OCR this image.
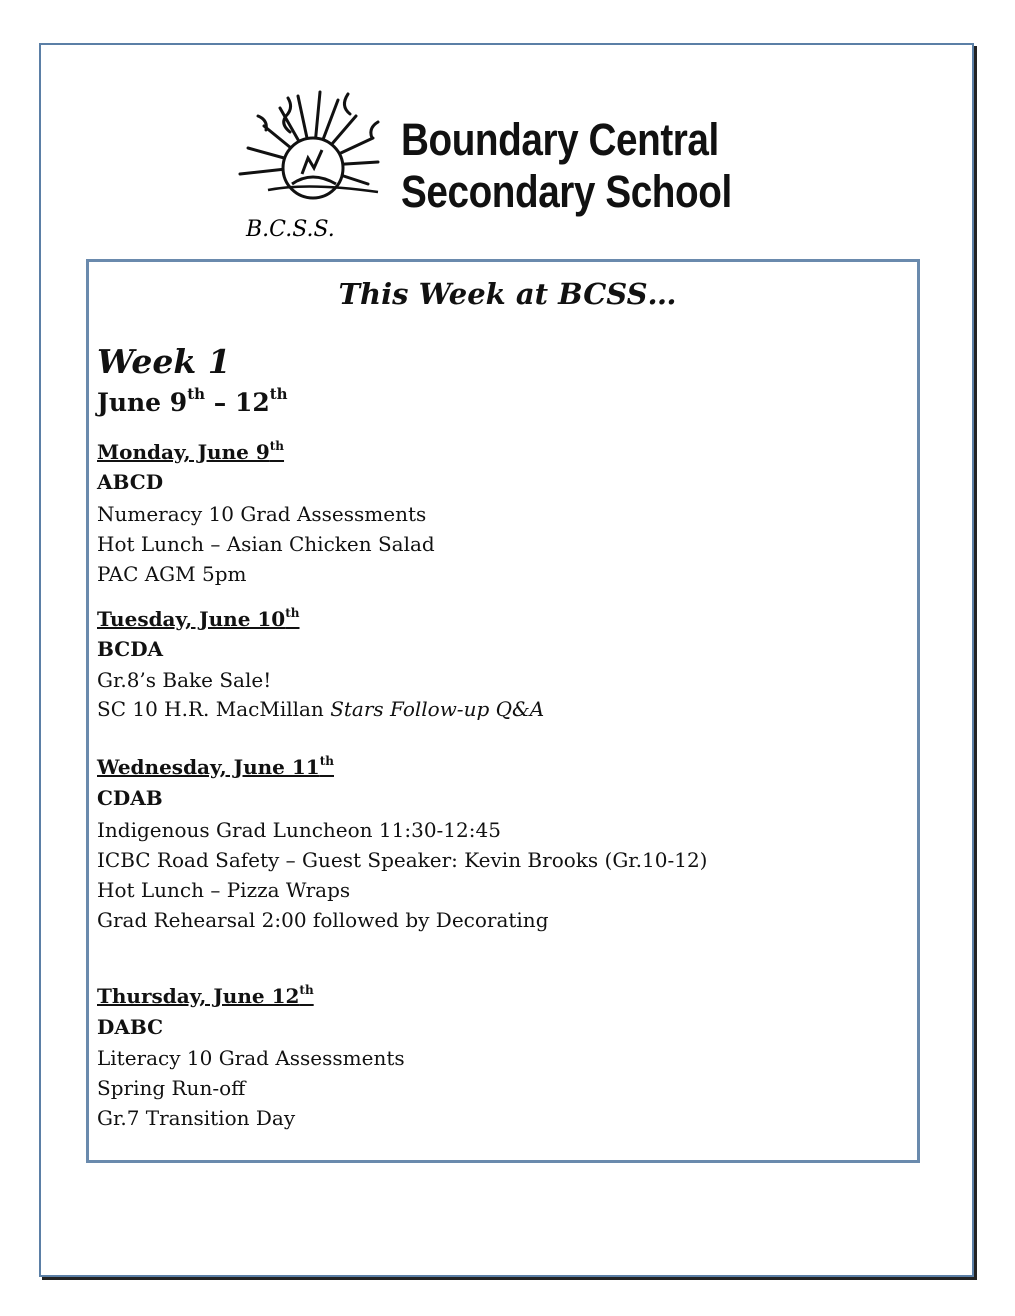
B.C.S.S.
Boundary Central
Secondary School
This Week at BCSS…
Week 1
June 9th – 12th
Monday, June 9th
ABCD
Numeracy 10 Grad Assessments
Hot Lunch – Asian Chicken Salad
PAC AGM 5pm
Tuesday, June 10th
BCDA
Gr.8’s Bake Sale!
SC 10 H.R. MacMillan Stars Follow-up Q&A
Wednesday, June 11th
CDAB
Indigenous Grad Luncheon 11:30-12:45
ICBC Road Safety – Guest Speaker: Kevin Brooks (Gr.10-12)
Hot Lunch – Pizza Wraps
Grad Rehearsal 2:00 followed by Decorating
Thursday, June 12th
DABC
Literacy 10 Grad Assessments
Spring Run-off
Gr.7 Transition Day
